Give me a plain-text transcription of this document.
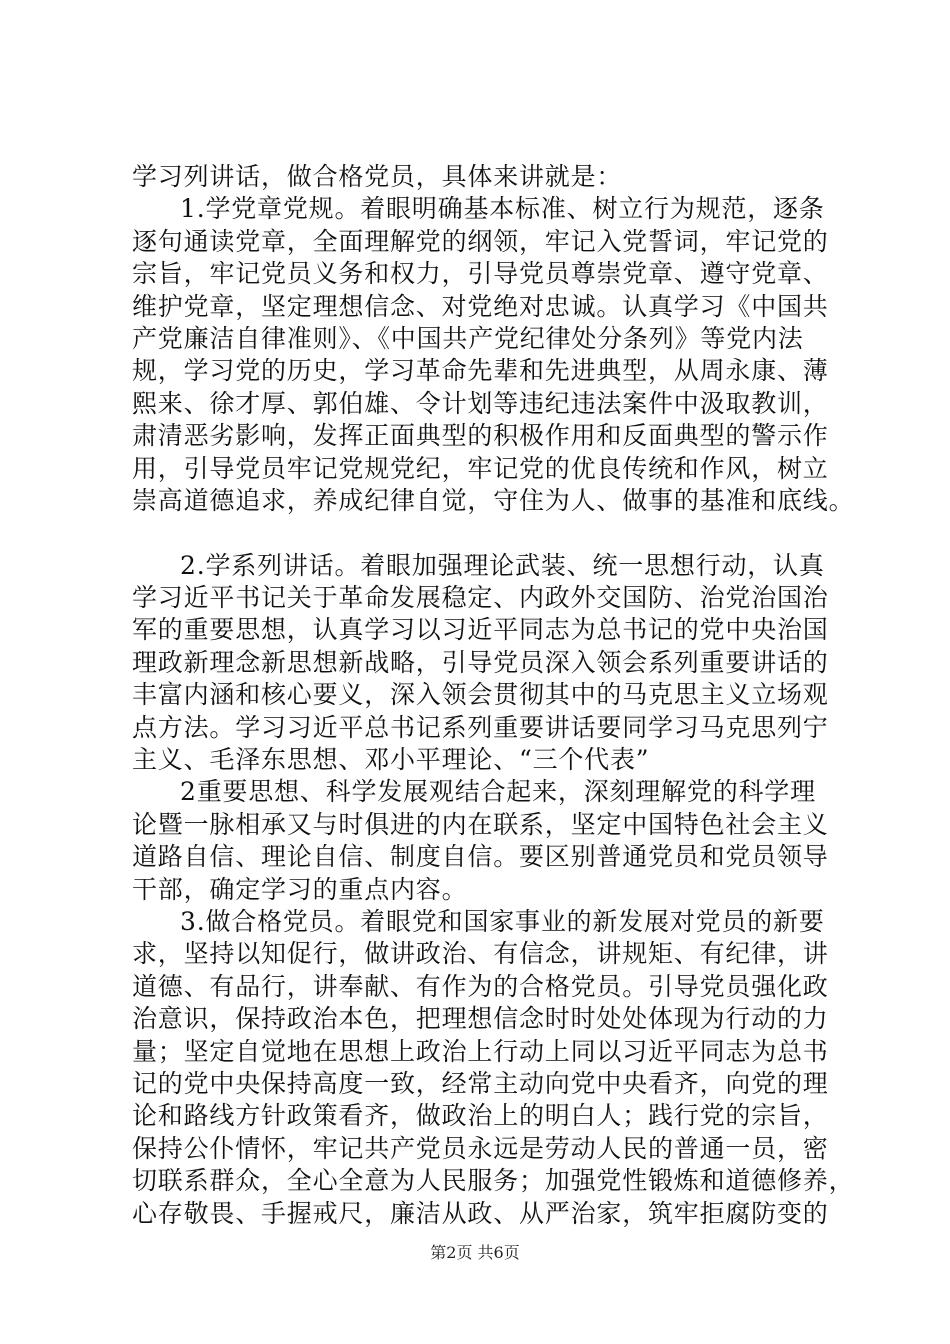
学习列讲话，做合格党员，具体来讲就是：
1.学党章党规。着眼明确基本标准、树立行为规范，逐条
逐句通读党章，全面理解党的纲领，牢记入党誓词，牢记党的
宗旨，牢记党员义务和权力，引导党员尊崇党章、遵守党章、
维护党章，坚定理想信念、对党绝对忠诚。认真学习《中国共
产党廉洁自律准则》、《中国共产党纪律处分条列》等党内法
规，学习党的历史，学习革命先辈和先进典型，从周永康、薄
熙来、徐才厚、郭伯雄、令计划等违纪违法案件中汲取教训，
肃清恶劣影响，发挥正面典型的积极作用和反面典型的警示作
用，引导党员牢记党规党纪，牢记党的优良传统和作风，树立
崇高道德追求，养成纪律自觉，守住为人、做事的基准和底线。
2.学系列讲话。着眼加强理论武装、统一思想行动，认真
学习近平书记关于革命发展稳定、内政外交国防、治党治国治
军的重要思想，认真学习以习近平同志为总书记的党中央治国
理政新理念新思想新战略，引导党员深入领会系列重要讲话的
丰富内涵和核心要义，深入领会贯彻其中的马克思主义立场观
点方法。学习习近平总书记系列重要讲话要同学习马克思列宁
主义、毛泽东思想、邓小平理论、“三个代表”
2重要思想、科学发展观结合起来，深刻理解党的科学理
论暨一脉相承又与时俱进的内在联系，坚定中国特色社会主义
道路自信、理论自信、制度自信。要区别普通党员和党员领导
干部，确定学习的重点内容。
3.做合格党员。着眼党和国家事业的新发展对党员的新要
求，坚持以知促行，做讲政治、有信念，讲规矩、有纪律，讲
道德、有品行，讲奉献、有作为的合格党员。引导党员强化政
治意识，保持政治本色，把理想信念时时处处体现为行动的力
量；坚定自觉地在思想上政治上行动上同以习近平同志为总书
记的党中央保持高度一致，经常主动向党中央看齐，向党的理
论和路线方针政策看齐，做政治上的明白人；践行党的宗旨，
保持公仆情怀，牢记共产党员永远是劳动人民的普通一员，密
切联系群众，全心全意为人民服务；加强党性锻炼和道德修养，
心存敬畏、手握戒尺，廉洁从政、从严治家，筑牢拒腐防变的
第2页 共6页
